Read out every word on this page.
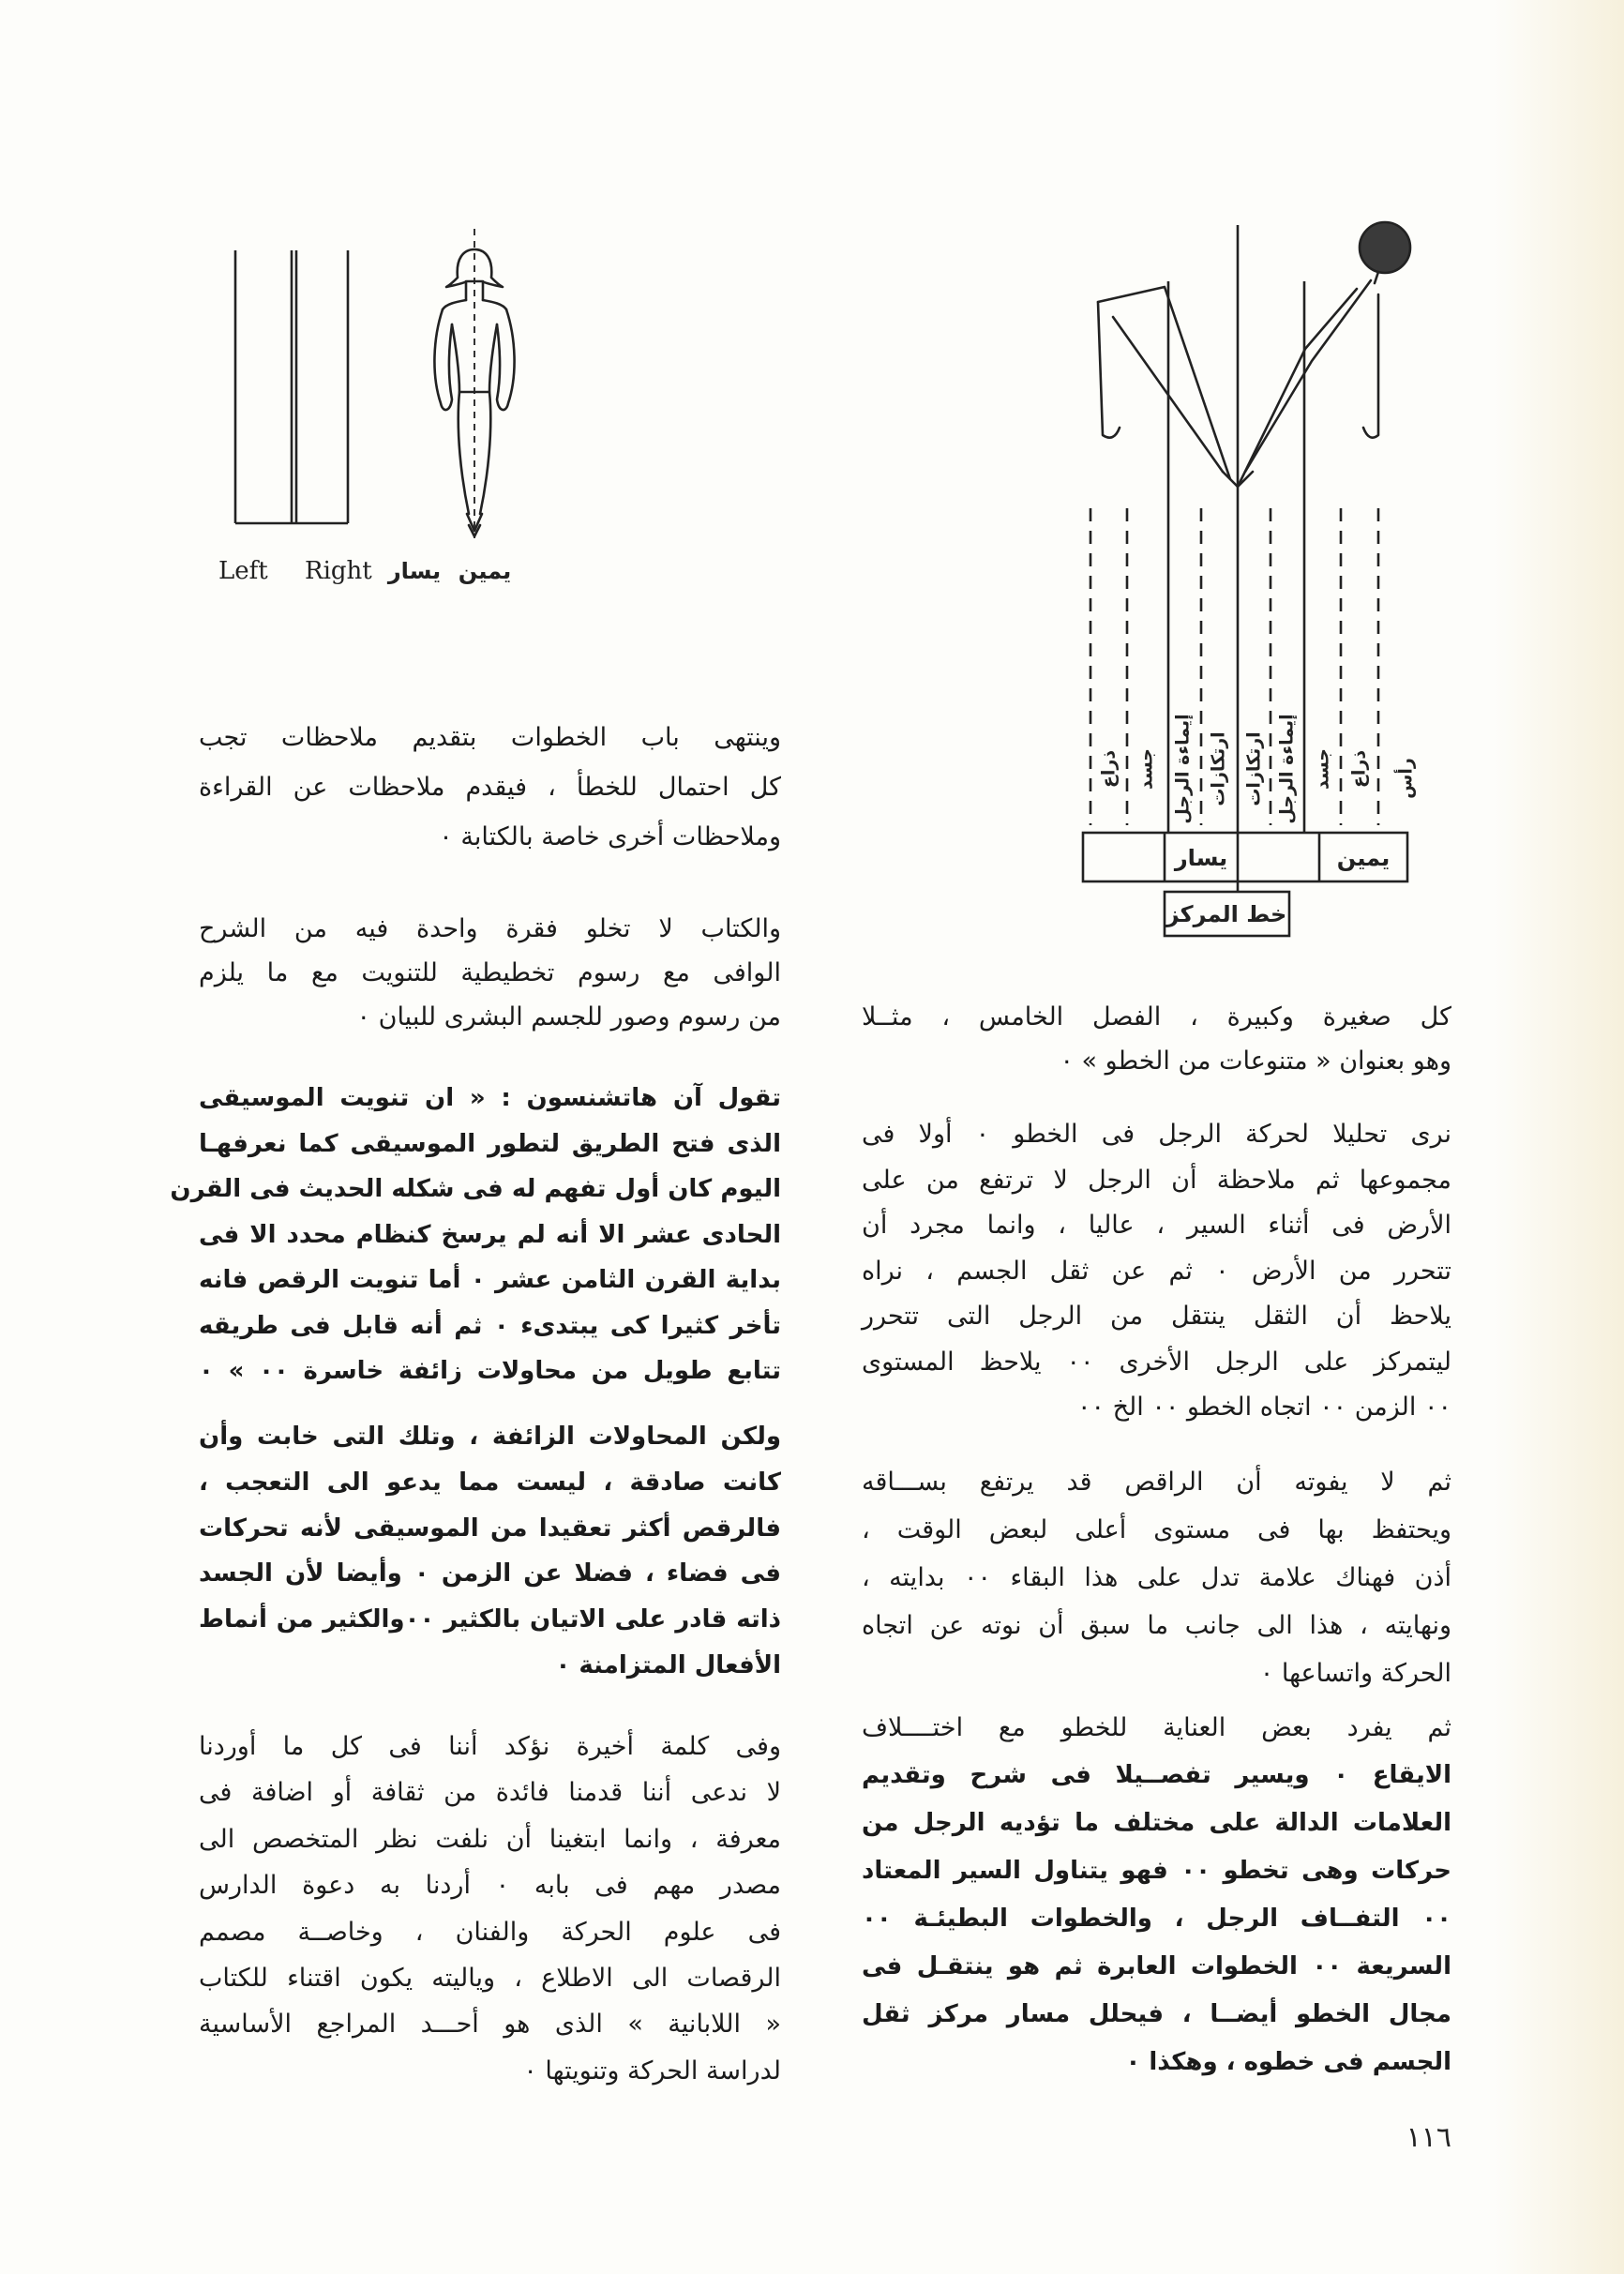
Left Right يسار يمين
ذراع جسد إيماءة الرجل ارتكازات ارتكازات إيماءة الرجل جسد ذراع رأس
يسار	يمين
خط المركز
وينتهى باب الخطوات بتقديم ملاحظات تجب
كل احتمال للخطأ ، فيقدم ملاحظات عن القراءة
وملاحظات أخرى خاصة بالكتابة ٠
والكتاب لا تخلو فقرة واحدة فيه من الشرح
الوافى مع رسوم تخطيطية للتنويت مع ما يلزم
من رسوم وصور للجسم البشرى للبيان ٠
تقول آن هاتشنسون : « ان تنويت الموسيقى
الذى فتح الطريق لتطور الموسيقى كما نعرفهـا
اليوم كان أول تفهم له فى شكله الحديث فى القرن
الحادى عشر الا أنه لم يرسخ كنظام محدد الا فى
بداية القرن الثامن عشر ٠ أما تنويت الرقص فانه
تأخر كثيرا كى يبتدىء ٠ ثم أنه قابل فى طريقه
تتابع طويل من محاولات زائفة خاسرة ٠٠ » ٠
ولكن المحاولات الزائفة ، وتلك التى خابت وأن
كانت صادقة ، ليست مما يدعو الى التعجب ،
فالرقص أكثر تعقيدا من الموسيقى لأنه تحركات
فى فضاء ، فضلا عن الزمن ٠ وأيضا لأن الجسد
ذاته قادر على الاتيان بالكثير ٠٠والكثير من أنماط
الأفعال المتزامنة ٠
وفى كلمة أخيرة نؤكد أننا فى كل ما أوردنا
لا ندعى أننا قدمنا فائدة من ثقافة أو اضافة فى
معرفة ، وانما ابتغينا أن نلفت نظر المتخصص الى
مصدر مهم فى بابه ٠ أردنا به دعوة الدارس
فى علوم الحركة والفنان ، وخاصــة مصمم
الرقصات الى الاطلاع ، وياليته يكون اقتناء للكتاب
« اللابانية » الذى هو أحـــد المراجع الأساسية
لدراسة الحركة وتنويتها ٠
كل صغيرة وكبيرة ، الفصل الخامس ، مثــلا
وهو بعنوان « متنوعات من الخطو » ٠
نرى تحليلا لحركة الرجل فى الخطو ٠ أولا فى
مجموعها ثم ملاحظة أن الرجل لا ترتفع من على
الأرض فى أثناء السير ، عاليا ، وانما مجرد أن
تتحرر من الأرض ٠ ثم عن ثقل الجسم ، نراه
يلاحظ أن الثقل ينتقل من الرجل التى تتحرر
ليتمركز على الرجل الأخرى ٠٠ يلاحظ المستوى
٠٠ الزمن ٠٠ اتجاه الخطو ٠٠ الخ ٠٠
ثم لا يفوته أن الراقص قد يرتفع بســـاقه
ويحتفظ بها فى مستوى أعلى لبعض الوقت ،
أذن فهناك علامة تدل على هذا البقاء ٠٠ بدايته ،
ونهايته ، هذا الى جانب ما سبق أن نوته عن اتجاه
الحركة واتساعها ٠
ثم يفرد بعض العناية للخطو مع اختــــلاف
الايقاع ٠ ويسير تفصــيلا فى شرح وتقديم
العلامات الدالة على مختلف ما تؤديه الرجل من
حركات وهى تخطو ٠٠ فهو يتناول السير المعتاد
٠٠ التفــاف الرجل ، والخطوات البطيئـة ٠٠
السريعة ٠٠ الخطوات العابرة ثم هو ينتقـل فى
مجال الخطو أيضــا ، فيحلل مسار مركز ثقل
الجسم فى خطوه ، وهكذا ٠
١١٦
